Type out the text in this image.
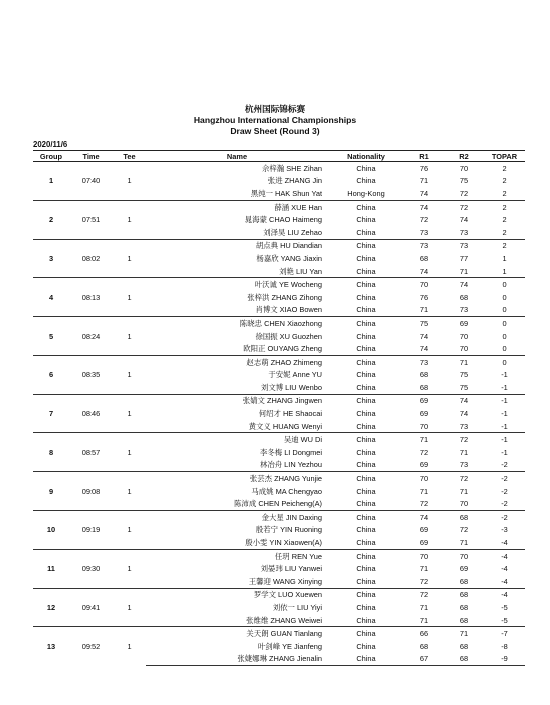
杭州国际锦标赛
Hangzhou International Championships
Draw Sheet (Round 3)
2020/11/6
Group	Time	Tee	Name	Nationality	R1	R2	TOPAR
1	07:40	1	佘梓瀚 SHE Zihan	China	76	70	2
			张进 ZHANG Jin	China	71	75	2
			黑纯一 HAK Shun Yat	Hong-Kong	74	72	2
2	07:51	1	薛涵 XUE Han	China	74	72	2
			晁海蒙 CHAO Haimeng	China	72	74	2
			刘泽昊 LIU Zehao	China	73	73	2
3	08:02	1	胡点典 HU Diandian	China	73	73	2
			杨嘉欣 YANG Jiaxin	China	68	77	1
			刘艳 LIU Yan	China	74	71	1
4	08:13	1	叶沃诚 YE Wocheng	China	70	74	0
			张梓洪 ZHANG Zihong	China	76	68	0
			肖博文 XIAO Bowen	China	71	73	0
5	08:24	1	陈晓忠 CHEN Xiaozhong	China	75	69	0
			徐国振 XU Guozhen	China	74	70	0
			欧阳正 OUYANG Zheng	China	74	70	0
6	08:35	1	赵志萌 ZHAO Zhimeng	China	73	71	0
			于安妮 Anne YU	China	68	75	-1
			刘文博 LIU Wenbo	China	68	75	-1
7	08:46	1	张婧文 ZHANG Jingwen	China	69	74	-1
			何绍才 HE Shaocai	China	69	74	-1
			黄文义 HUANG Wenyi	China	70	73	-1
8	08:57	1	吴迪 WU Di	China	71	72	-1
			李冬梅 LI Dongmei	China	72	71	-1
			林冶舟 LIN Yezhou	China	69	73	-2
9	09:08	1	张芸杰 ZHANG Yunjie	China	70	72	-2
			马成姚 MA Chengyao	China	71	71	-2
			陈沛成 CHEN Peicheng(A)	China	72	70	-2
10	09:19	1	金大星 JIN Daxing	China	74	68	-2
			殷若宁 YIN Ruoning	China	69	72	-3
			殷小雯 YIN Xiaowen(A)	China	69	71	-4
11	09:30	1	任玥 REN Yue	China	70	70	-4
			刘晏玮 LIU Yanwei	China	71	69	-4
			王馨迎 WANG Xinying	China	72	68	-4
12	09:41	1	罗学文 LUO Xuewen	China	72	68	-4
			刘依一 LIU Yiyi	China	71	68	-5
			张维维 ZHANG Weiwei	China	71	68	-5
13	09:52	1	关天朗 GUAN Tianlang	China	66	71	-7
			叶剑峰 YE Jianfeng	China	68	68	-8
			张婕娜琳 ZHANG Jienalin	China	67	68	-9
